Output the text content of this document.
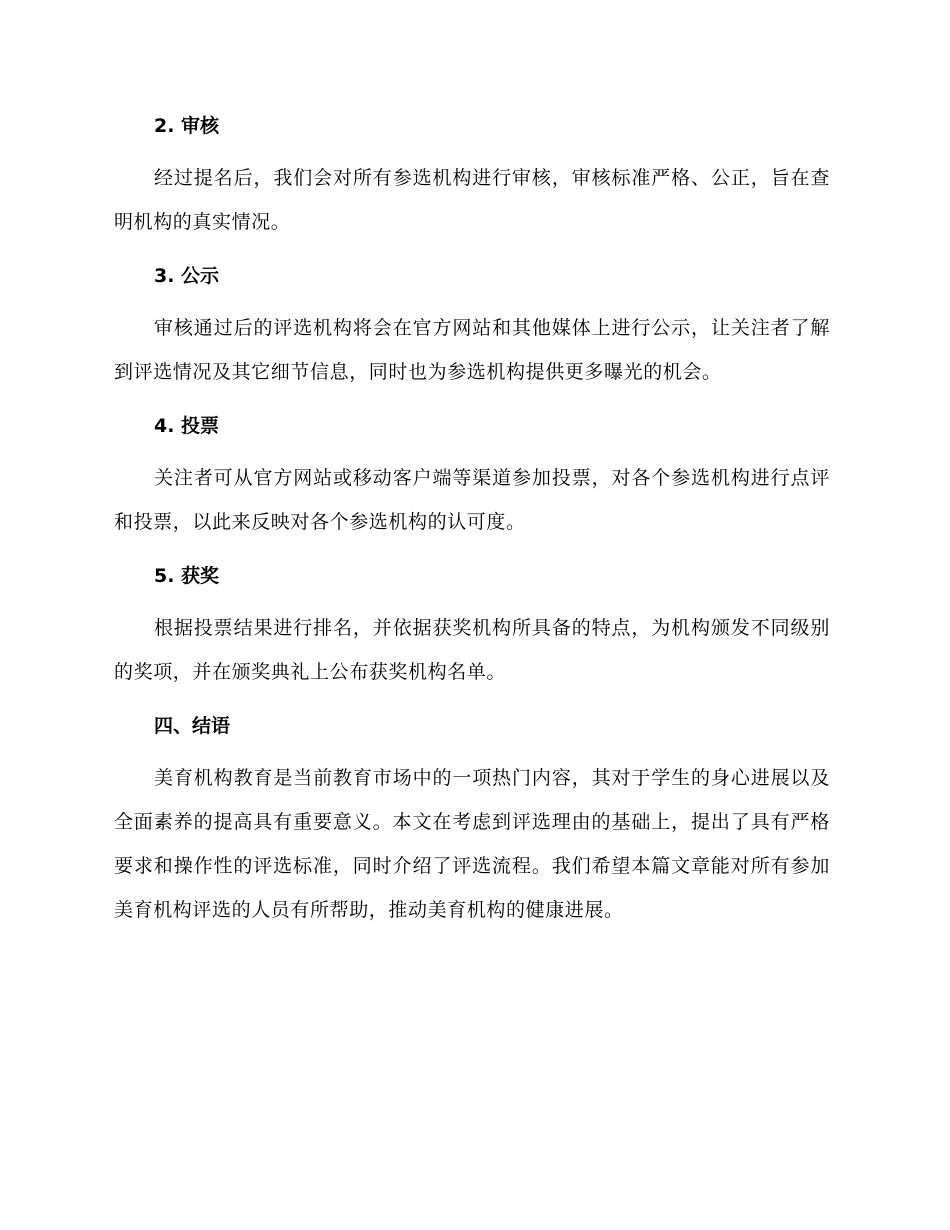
2. 审核

经过提名后，我们会对所有参选机构进行审核，审核标准严格、公正，旨在查明机构的真实情况。

3. 公示

审核通过后的评选机构将会在官方网站和其他媒体上进行公示，让关注者了解到评选情况及其它细节信息，同时也为参选机构提供更多曝光的机会。

4. 投票

关注者可从官方网站或移动客户端等渠道参加投票，对各个参选机构进行点评和投票，以此来反映对各个参选机构的认可度。

5. 获奖

根据投票结果进行排名，并依据获奖机构所具备的特点，为机构颁发不同级别的奖项，并在颁奖典礼上公布获奖机构名单。

四、结语

美育机构教育是当前教育市场中的一项热门内容，其对于学生的身心进展以及全面素养的提高具有重要意义。本文在考虑到评选理由的基础上，提出了具有严格要求和操作性的评选标准，同时介绍了评选流程。我们希望本篇文章能对所有参加美育机构评选的人员有所帮助，推动美育机构的健康进展。
